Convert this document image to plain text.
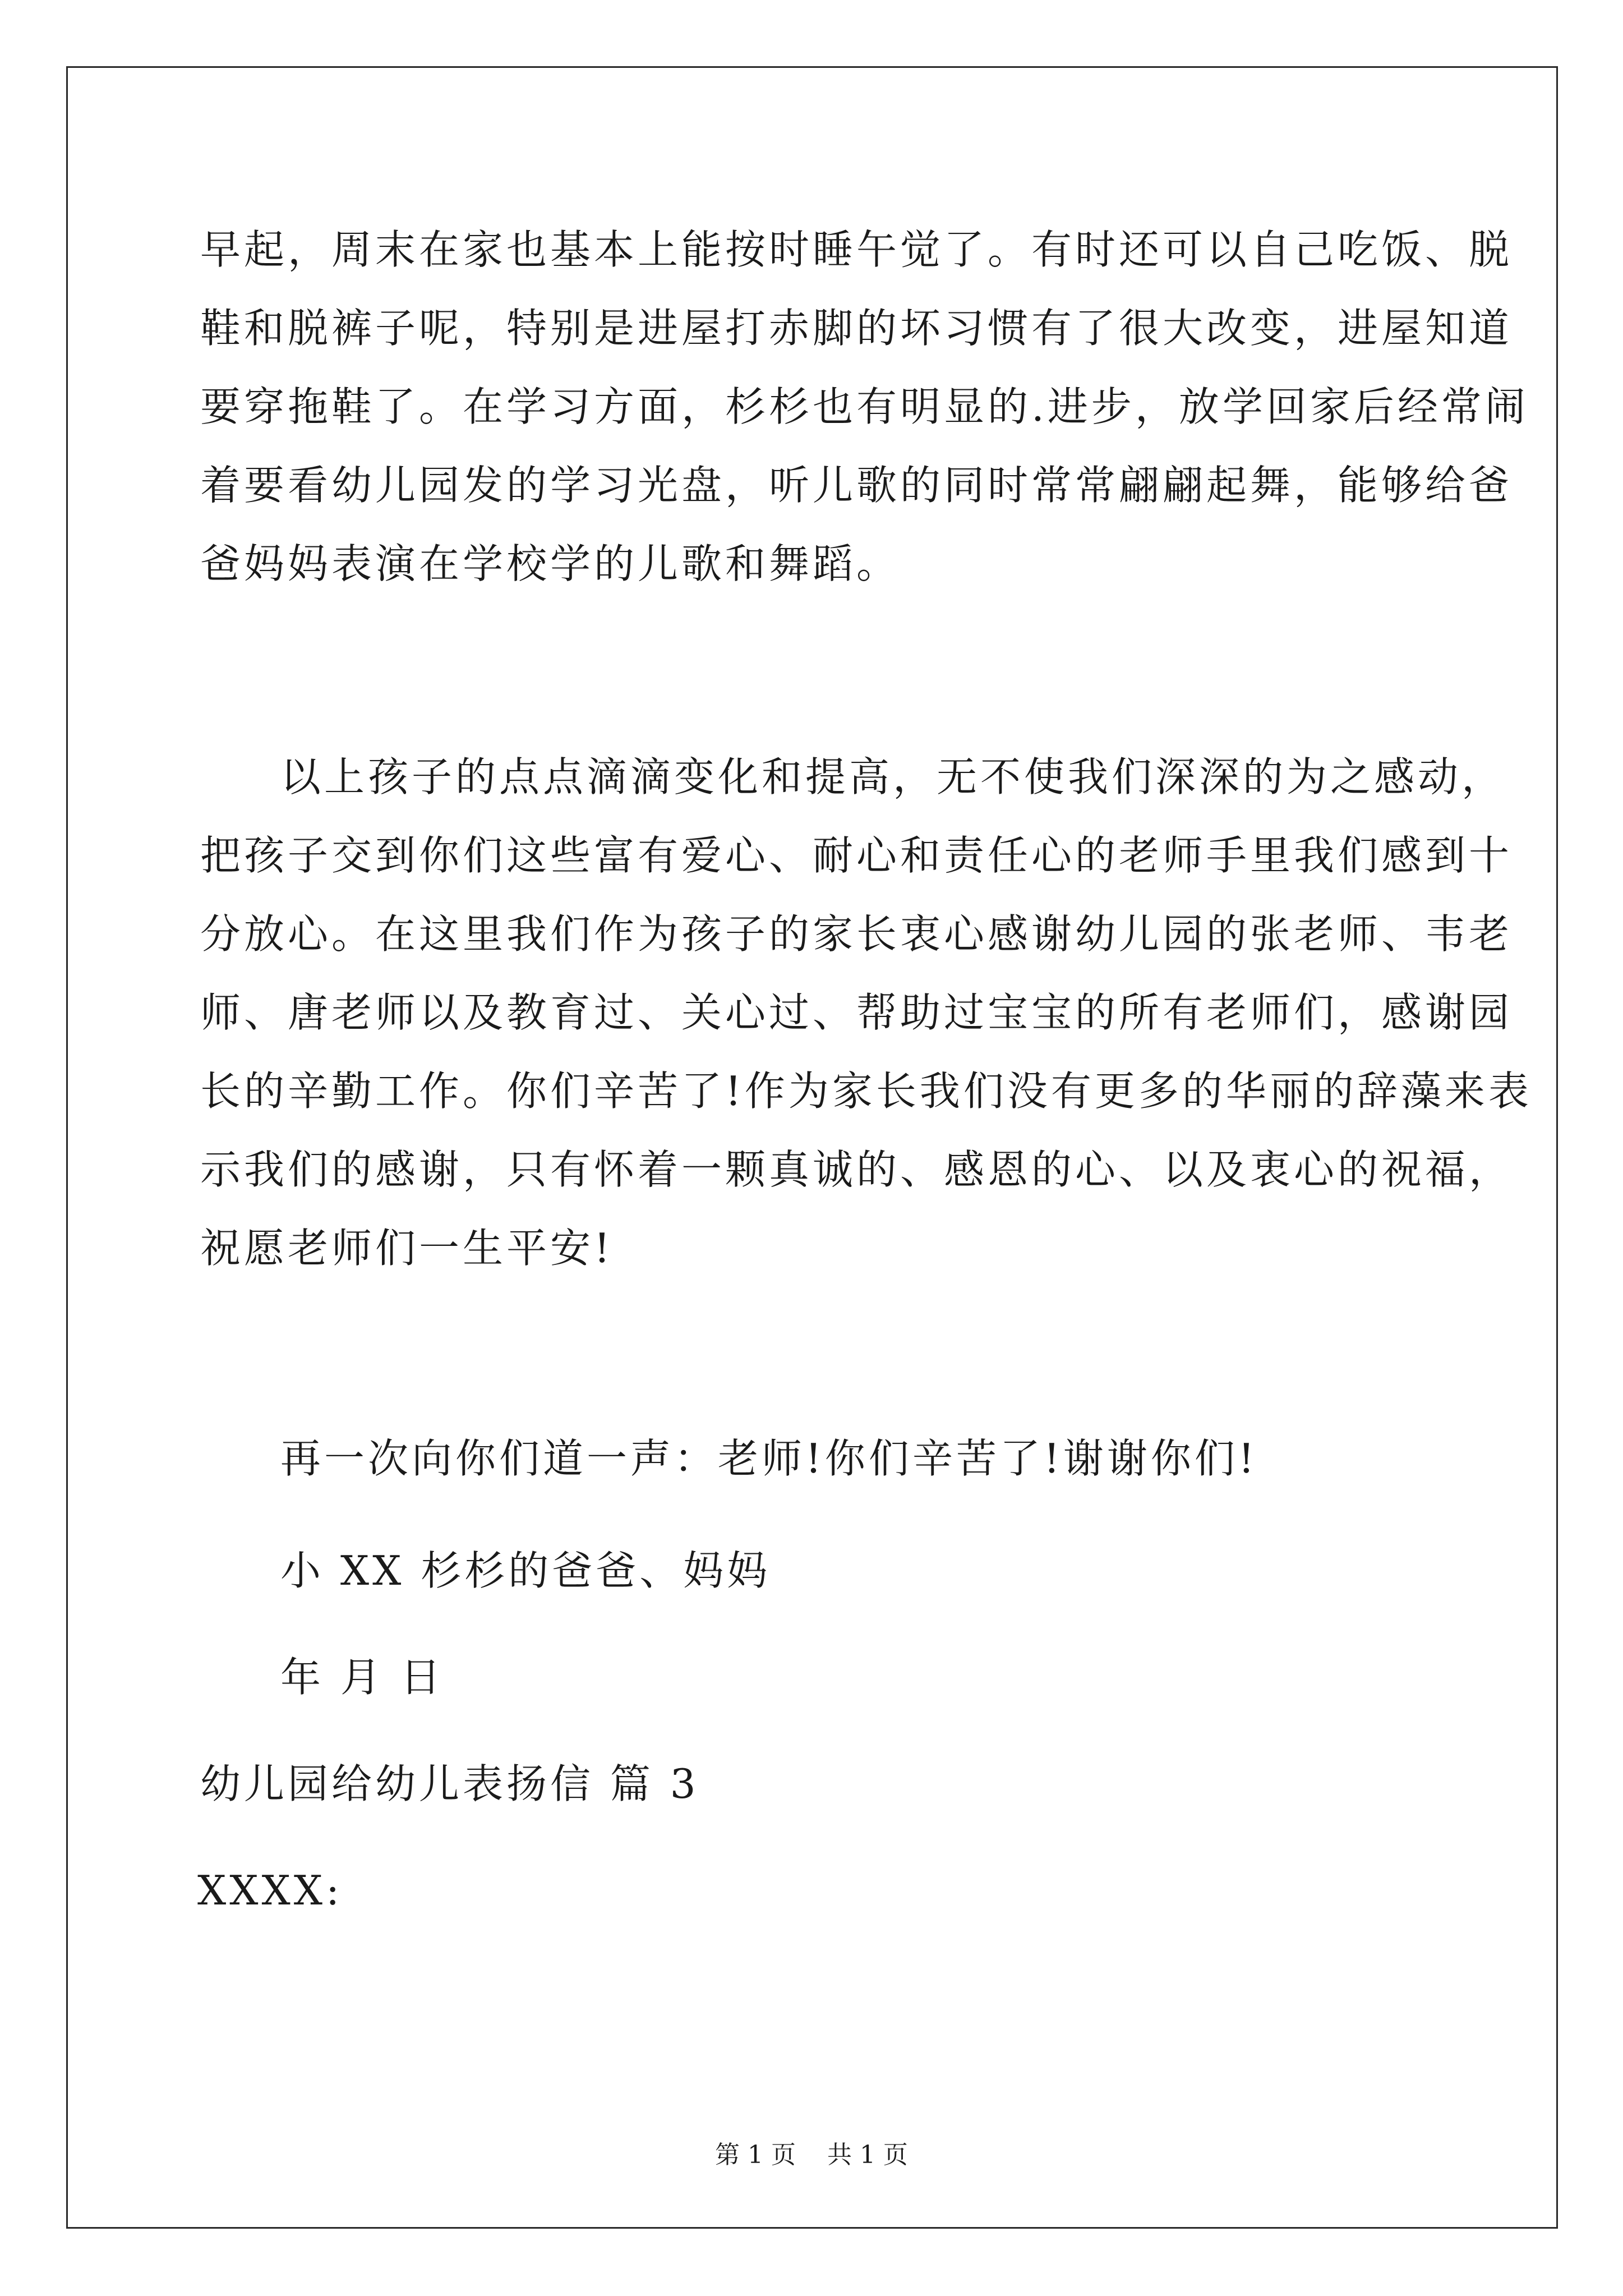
早起，周末在家也基本上能按时睡午觉了。有时还可以自己吃饭、脱
鞋和脱裤子呢，特别是进屋打赤脚的坏习惯有了很大改变，进屋知道
要穿拖鞋了。在学习方面，杉杉也有明显的.进步，放学回家后经常闹
着要看幼儿园发的学习光盘，听儿歌的同时常常翩翩起舞，能够给爸
爸妈妈表演在学校学的儿歌和舞蹈。
以上孩子的点点滴滴变化和提高，无不使我们深深的为之感动，
把孩子交到你们这些富有爱心、耐心和责任心的老师手里我们感到十
分放心。在这里我们作为孩子的家长衷心感谢幼儿园的张老师、韦老
师、唐老师以及教育过、关心过、帮助过宝宝的所有老师们，感谢园
长的辛勤工作。你们辛苦了!作为家长我们没有更多的华丽的辞藻来表
示我们的感谢，只有怀着一颗真诚的、感恩的心、以及衷心的祝福，
祝愿老师们一生平安!
再一次向你们道一声：老师!你们辛苦了!谢谢你们!
小 XX 杉杉的爸爸、妈妈
年 月 日
幼儿园给幼儿表扬信 篇 3
XXXX:
第 1 页    共 1 页
